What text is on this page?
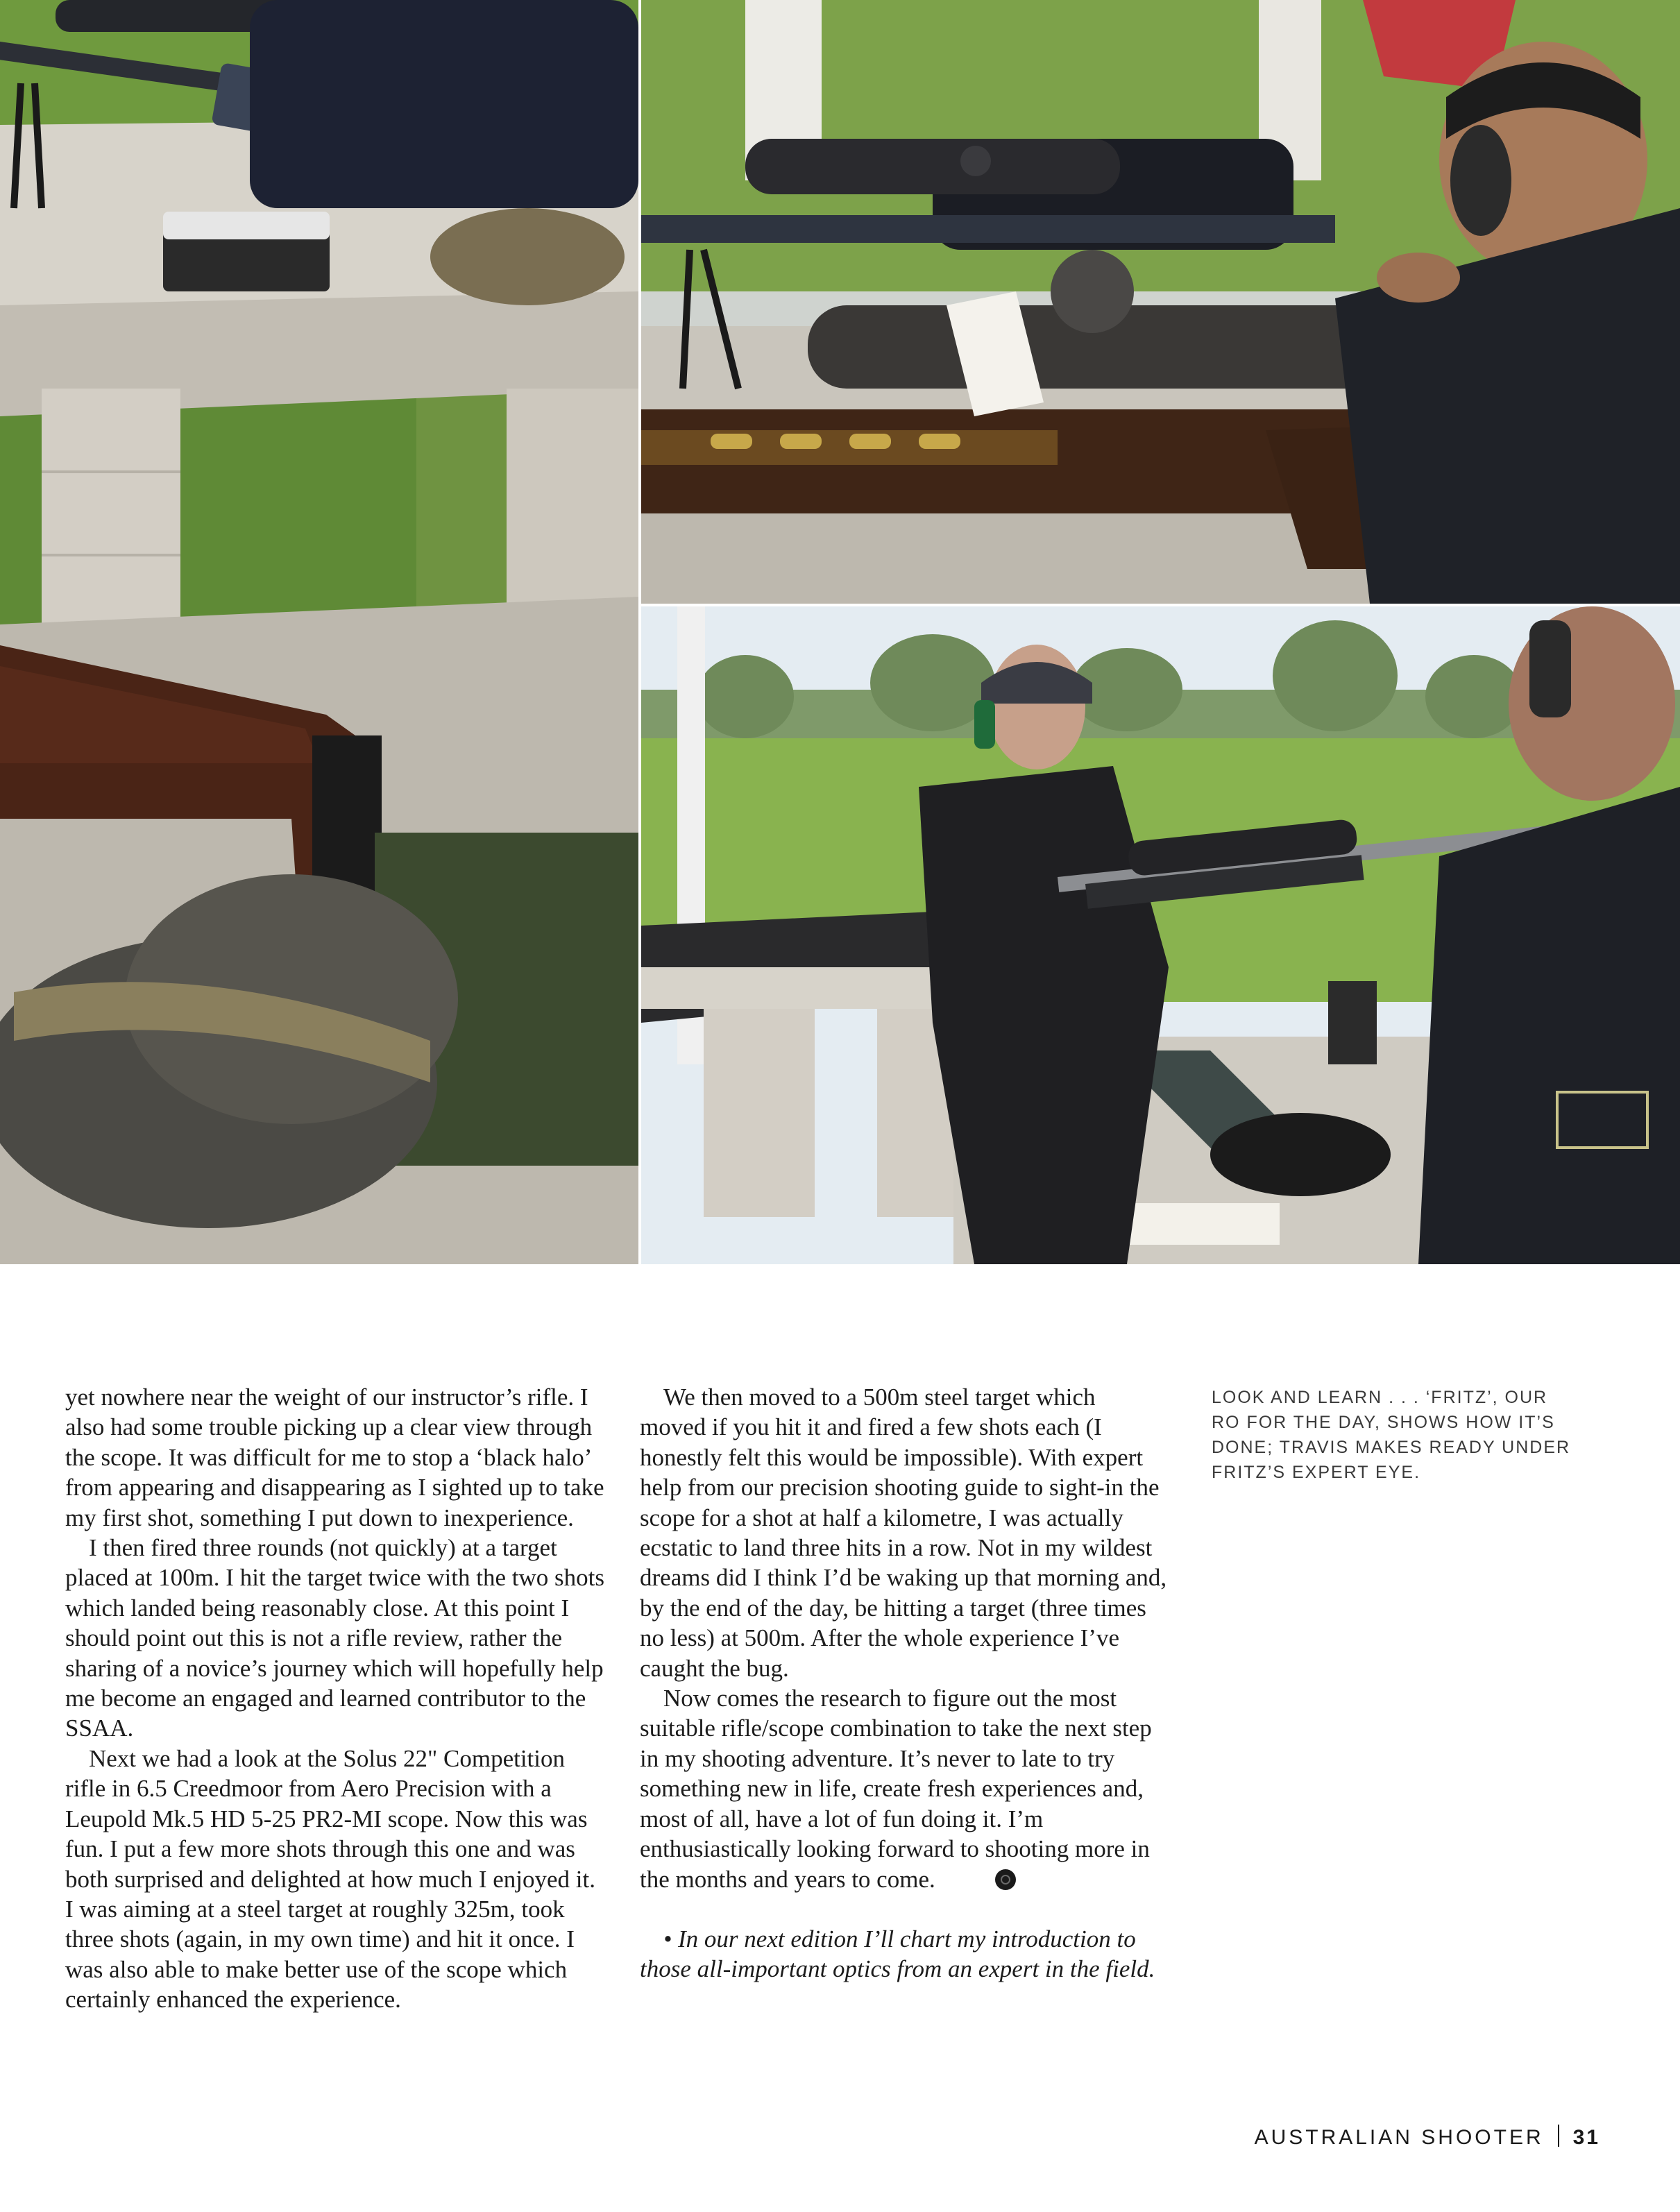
yet nowhere near the weight of our instructor’s rifle. I also had some trouble picking up a clear view through the scope. It was difficult for me to stop a ‘black halo’ from appearing and disappearing as I sighted up to take my first shot, something I put down to inexperience.

I then fired three rounds (not quickly) at a target placed at 100m. I hit the target twice with the two shots which landed being reasonably close. At this point I should point out this is not a rifle review, rather the sharing of a novice’s journey which will hopefully help me become an engaged and learned contributor to the SSAA.

Next we had a look at the Solus 22" Competition rifle in 6.5 Creedmoor from Aero Precision with a Leupold Mk.5 HD 5-25 PR2-MI scope. Now this was fun. I put a few more shots through this one and was both surprised and delighted at how much I enjoyed it. I was aiming at a steel target at roughly 325m, took three shots (again, in my own time) and hit it once. I was also able to make better use of the scope which certainly enhanced the experience.

We then moved to a 500m steel target which moved if you hit it and fired a few shots each (I honestly felt this would be impossible). With expert help from our precision shooting guide to sight-in the scope for a shot at half a kilometre, I was actually ecstatic to land three hits in a row. Not in my wildest dreams did I think I’d be waking up that morning and, by the end of the day, be hitting a target (three times no less) at 500m. After the whole experience I’ve caught the bug.

Now comes the research to figure out the most suitable rifle/scope combination to take the next step in my shooting adventure. It’s never to late to try something new in life, create fresh experiences and, most of all, have a lot of fun doing it. I’m enthusiastically looking forward to shooting more in the months and years to come.

• In our next edition I’ll chart my introduction to those all-important optics from an expert in the field.

LOOK AND LEARN . . . ‘FRITZ’, OUR RO FOR THE DAY, SHOWS HOW IT’S DONE; TRAVIS MAKES READY UNDER FRITZ’S EXPERT EYE.
AUSTRALIAN SHOOTER 31
